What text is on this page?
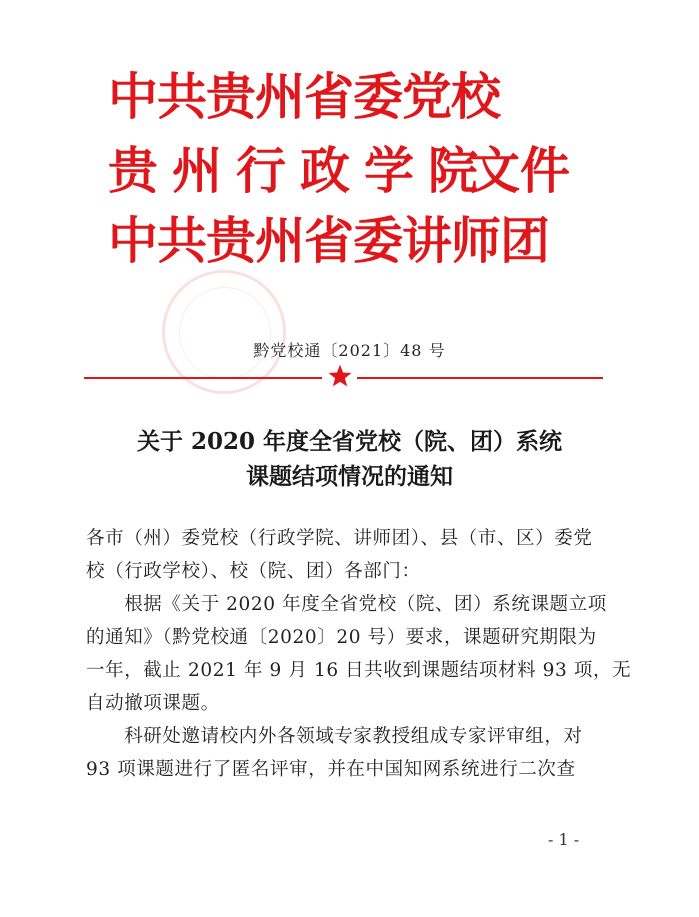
中共贵州省委党校
贵州行政学院
文件
中共贵州省委讲师团
黔党校通〔2021〕48 号
关于 2020 年度全省党校（院、团）系统
课题结项情况的通知
各市（州）委党校（行政学院、讲师团）、县（市、区）委党
校（行政学校）、校（院、团）各部门：
　　根据《关于 2020 年度全省党校（院、团）系统课题立项
的通知》（黔党校通〔2020〕20 号）要求，课题研究期限为
一年，截止 2021 年 9 月 16 日共收到课题结项材料 93 项，无
自动撤项课题。
　　科研处邀请校内外各领域专家教授组成专家评审组，对
93 项课题进行了匿名评审，并在中国知网系统进行二次查
- 1 -
